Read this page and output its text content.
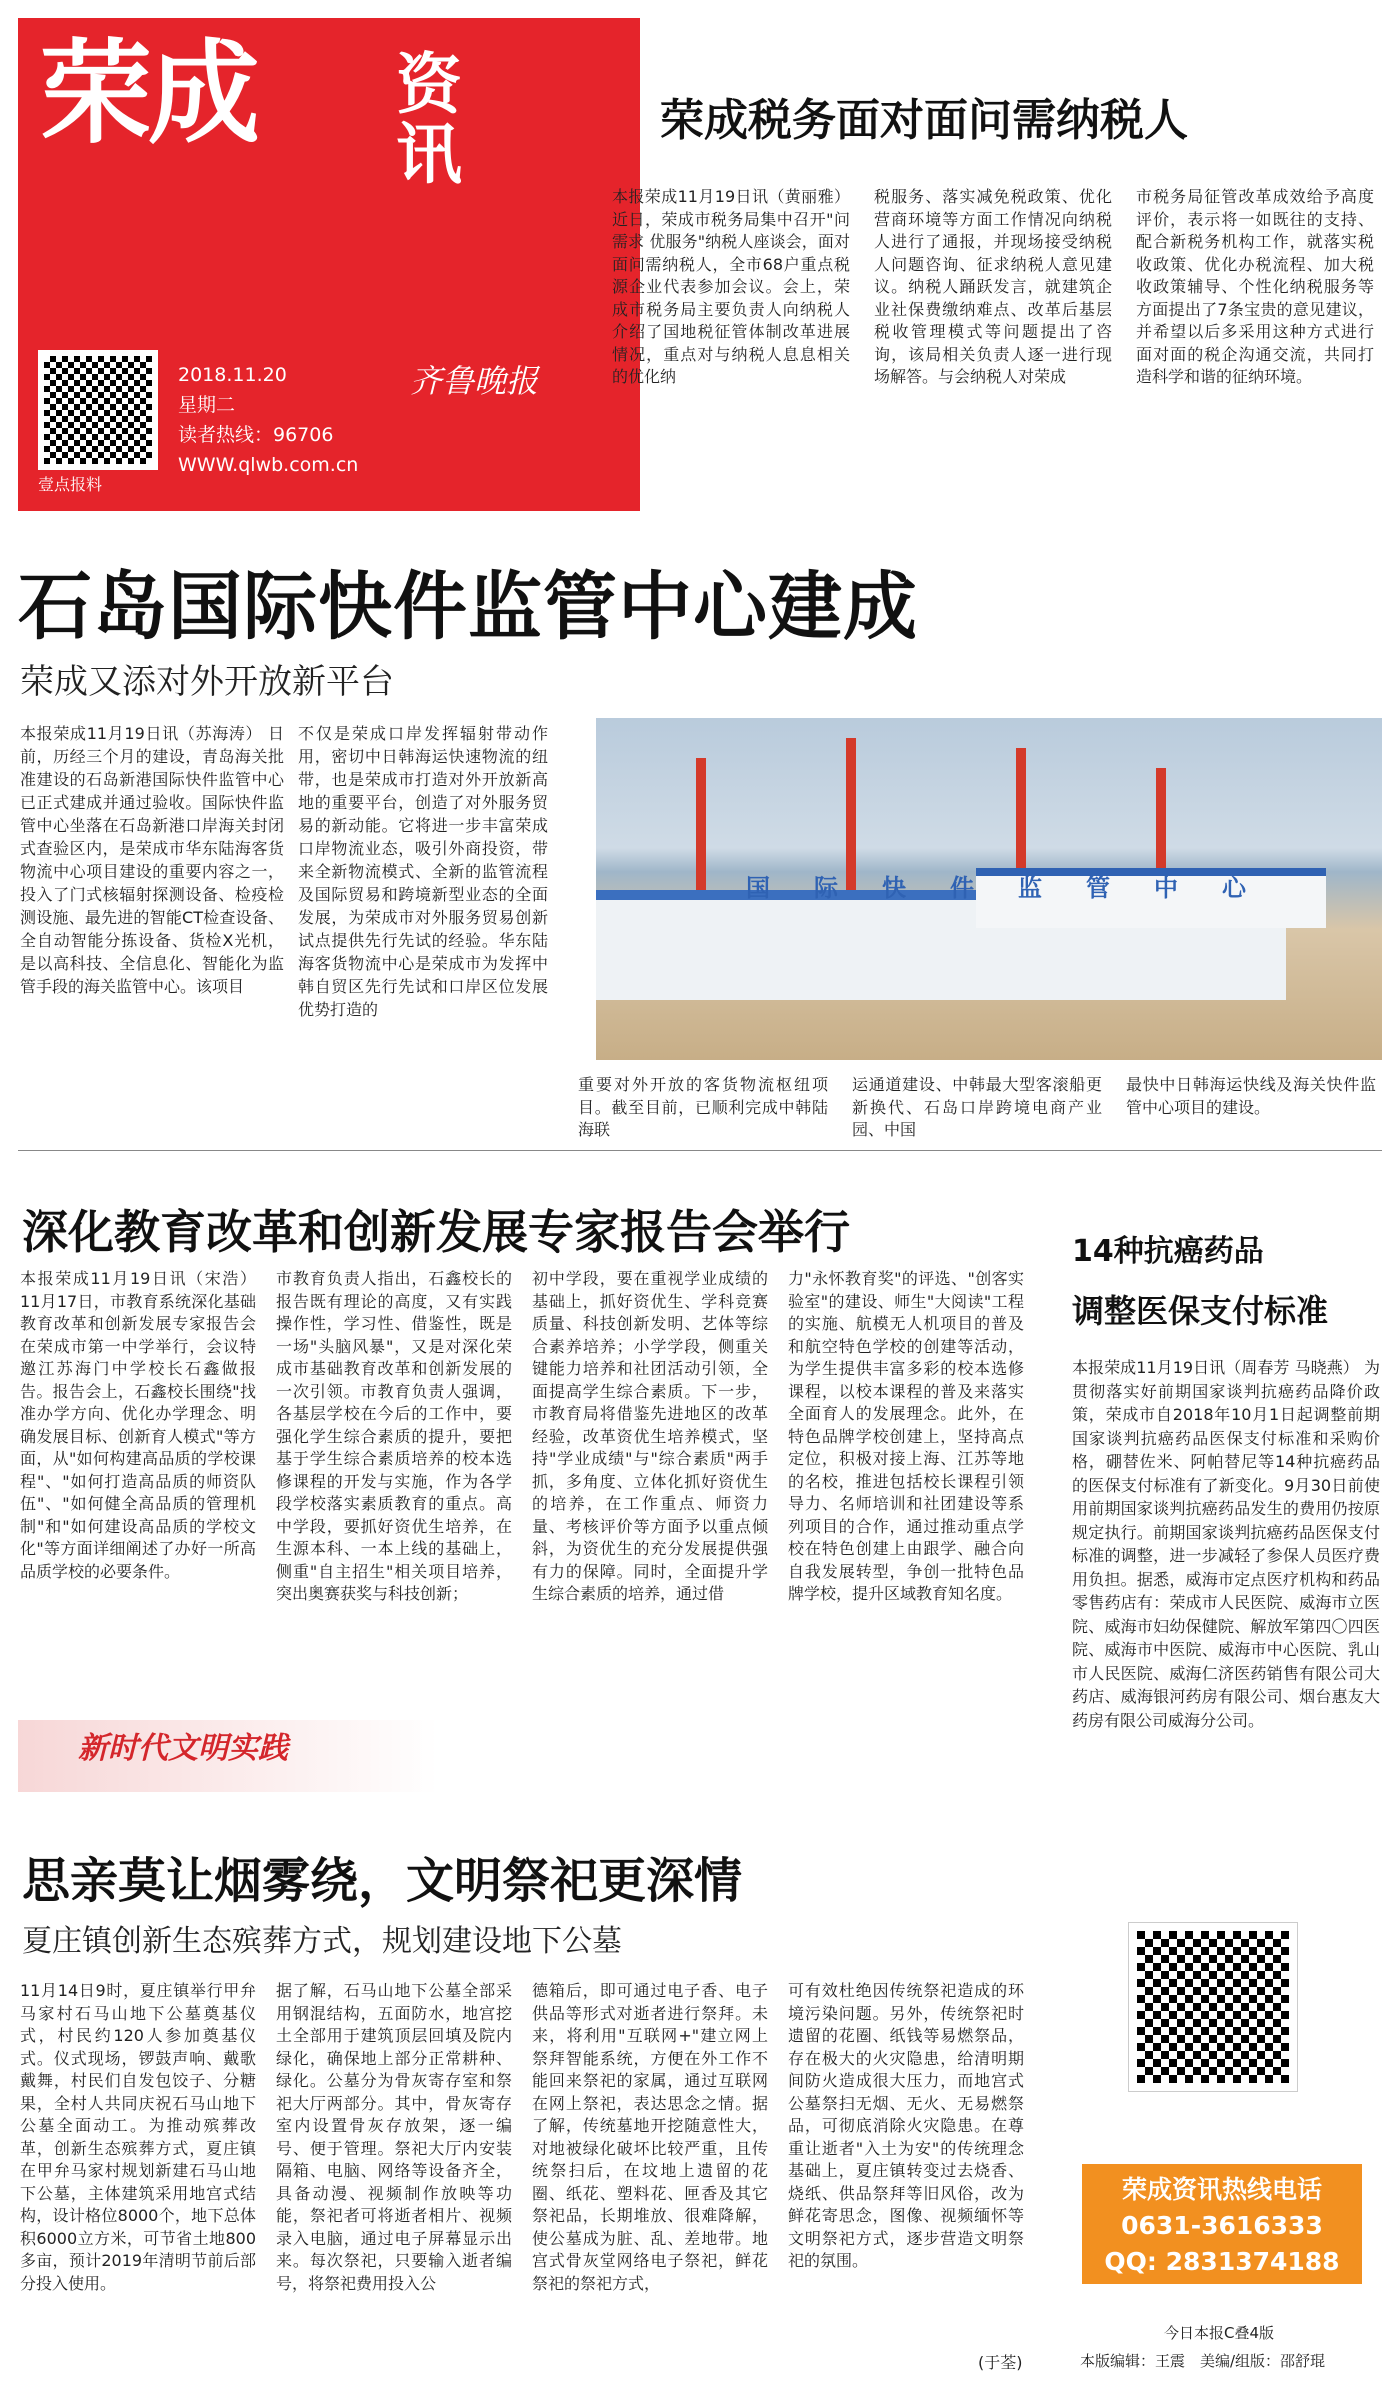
荣成 资讯
壹点报料
2018.11.20
星期二
读者热线：96706
WWW.qlwb.com.cn
齐鲁晚报
荣成税务面对面问需纳税人
本报荣成11月19日讯（黄丽雅） 近日，荣成市税务局集中召开"问需求 优服务"纳税人座谈会，面对面问需纳税人，全市68户重点税源企业代表参加会议。会上，荣成市税务局主要负责人向纳税人介绍了国地税征管体制改革进展情况，重点对与纳税人息息相关的优化纳
税服务、落实减免税政策、优化营商环境等方面工作情况向纳税人进行了通报，并现场接受纳税人问题咨询、征求纳税人意见建议。纳税人踊跃发言，就建筑企业社保费缴纳难点、改革后基层税收管理模式等问题提出了咨询，该局相关负责人逐一进行现场解答。与会纳税人对荣成
市税务局征管改革成效给予高度评价，表示将一如既往的支持、配合新税务机构工作，就落实税收政策、优化办税流程、加大税收政策辅导、个性化纳税服务等方面提出了7条宝贵的意见建议，并希望以后多采用这种方式进行面对面的税企沟通交流，共同打造科学和谐的征纳环境。
石岛国际快件监管中心建成
荣成又添对外开放新平台
本报荣成11月19日讯（苏海涛） 日前，历经三个月的建设，青岛海关批准建设的石岛新港国际快件监管中心已正式建成并通过验收。国际快件监管中心坐落在石岛新港口岸海关封闭式查验区内，是荣成市华东陆海客货物流中心项目建设的重要内容之一，投入了门式核辐射探测设备、检疫检测设施、最先进的智能CT检查设备、全自动智能分拣设备、货检X光机，是以高科技、全信息化、智能化为监管手段的海关监管中心。该项目
不仅是荣成口岸发挥辐射带动作用，密切中日韩海运快速物流的纽带，也是荣成市打造对外开放新高地的重要平台，创造了对外服务贸易的新动能。它将进一步丰富荣成口岸物流业态，吸引外商投资，带来全新物流模式、全新的监管流程及国际贸易和跨境新型业态的全面发展，为荣成市对外服务贸易创新试点提供先行先试的经验。华东陆海客货物流中心是荣成市为发挥中韩自贸区先行先试和口岸区位发展优势打造的
国际快件监管中心
重要对外开放的客货物流枢纽项目。截至目前，已顺利完成中韩陆海联
运通道建设、中韩最大型客滚船更新换代、石岛口岸跨境电商产业园、中国
最快中日韩海运快线及海关快件监管中心项目的建设。
深化教育改革和创新发展专家报告会举行
本报荣成11月19日讯（宋浩） 11月17日，市教育系统深化基础教育改革和创新发展专家报告会在荣成市第一中学举行，会议特邀江苏海门中学校长石鑫做报告。报告会上，石鑫校长围绕"找准办学方向、优化办学理念、明确发展目标、创新育人模式"等方面，从"如何构建高品质的学校课程"、"如何打造高品质的师资队伍"、"如何健全高品质的管理机制"和"如何建设高品质的学校文化"等方面详细阐述了办好一所高品质学校的必要条件。
市教育负责人指出，石鑫校长的报告既有理论的高度，又有实践操作性，学习性、借鉴性，既是一场"头脑风暴"，又是对深化荣成市基础教育改革和创新发展的一次引领。市教育负责人强调，各基层学校在今后的工作中，要强化学生综合素质的提升，要把基于学生综合素质培养的校本选修课程的开发与实施，作为各学段学校落实素质教育的重点。高中学段，要抓好资优生培养，在生源本科、一本上线的基础上，侧重"自主招生"相关项目培养，突出奥赛获奖与科技创新；
初中学段，要在重视学业成绩的基础上，抓好资优生、学科竞赛质量、科技创新发明、艺体等综合素养培养；小学学段，侧重关键能力培养和社团活动引领，全面提高学生综合素质。下一步，市教育局将借鉴先进地区的改革经验，改革资优生培养模式，坚持"学业成绩"与"综合素质"两手抓，多角度、立体化抓好资优生的培养，在工作重点、师资力量、考核评价等方面予以重点倾斜，为资优生的充分发展提供强有力的保障。同时，全面提升学生综合素质的培养，通过借
力"永怀教育奖"的评选、"创客实验室"的建设、师生"大阅读"工程的实施、航模无人机项目的普及和航空特色学校的创建等活动，为学生提供丰富多彩的校本选修课程，以校本课程的普及来落实全面育人的发展理念。此外，在特色品牌学校创建上，坚持高点定位，积极对接上海、江苏等地的名校，推进包括校长课程引领导力、名师培训和社团建设等系列项目的合作，通过推动重点学校在特色创建上由跟学、融合向自我发展转型，争创一批特色品牌学校，提升区域教育知名度。
14种抗癌药品
调整医保支付标准
本报荣成11月19日讯（周春芳 马晓燕） 为贯彻落实好前期国家谈判抗癌药品降价政策，荣成市自2018年10月1日起调整前期国家谈判抗癌药品医保支付标准和采购价格，硼替佐米、阿帕替尼等14种抗癌药品的医保支付标准有了新变化。9月30日前使用前期国家谈判抗癌药品发生的费用仍按原规定执行。前期国家谈判抗癌药品医保支付标准的调整，进一步减轻了参保人员医疗费用负担。据悉，威海市定点医疗机构和药品零售药店有：荣成市人民医院、威海市立医院、威海市妇幼保健院、解放军第四〇四医院、威海市中医院、威海市中心医院、乳山市人民医院、威海仁济医药销售有限公司大药店、威海银河药房有限公司、烟台惠友大药房有限公司威海分公司。
新时代文明实践
思亲莫让烟雾绕，文明祭祀更深情
夏庄镇创新生态殡葬方式，规划建设地下公墓
11月14日9时，夏庄镇举行甲弁马家村石马山地下公墓奠基仪式，村民约120人参加奠基仪式。仪式现场，锣鼓声响、戴歌戴舞，村民们自发包饺子、分糖果，全村人共同庆祝石马山地下公墓全面动工。为推动殡葬改革，创新生态殡葬方式，夏庄镇在甲弁马家村规划新建石马山地下公墓，主体建筑采用地宫式结构，设计格位8000个，地下总体积6000立方米，可节省土地800多亩，预计2019年清明节前后部分投入使用。
据了解，石马山地下公墓全部采用钢混结构，五面防水，地宫挖土全部用于建筑顶层回填及院内绿化，确保地上部分正常耕种、绿化。公墓分为骨灰寄存室和祭祀大厅两部分。其中，骨灰寄存室内设置骨灰存放架，逐一编号、便于管理。祭祀大厅内安装隔箱、电脑、网络等设备齐全，具备动漫、视频制作放映等功能，祭祀者可将逝者相片、视频录入电脑，通过电子屏幕显示出来。每次祭祀，只要输入逝者编号，将祭祀费用投入公
德箱后，即可通过电子香、电子供品等形式对逝者进行祭拜。未来，将利用"互联网+"建立网上祭拜智能系统，方便在外工作不能回来祭祀的家属，通过互联网在网上祭祀，表达思念之情。据了解，传统墓地开挖随意性大，对地被绿化破坏比较严重，且传统祭扫后，在坟地上遗留的花圈、纸花、塑料花、匣香及其它祭祀品，长期堆放、很难降解，使公墓成为脏、乱、差地带。地宫式骨灰堂网络电子祭祀，鲜花祭祀的祭祀方式，
可有效杜绝因传统祭祀造成的环境污染问题。另外，传统祭祀时遗留的花圈、纸钱等易燃祭品，存在极大的火灾隐患，给清明期间防火造成很大压力，而地宫式公墓祭扫无烟、无火、无易燃祭品，可彻底消除火灾隐患。在尊重让逝者"入土为安"的传统理念基础上，夏庄镇转变过去烧香、烧纸、供品祭拜等旧风俗，改为鲜花寄思念，图像、视频缅怀等文明祭祀方式，逐步营造文明祭祀的氛围。
(于荃)
荣成资讯热线电话
0631-3616333
QQ: 2831374188
今日本报C叠4版
本版编辑：王震　美编/组版：邵舒琨
